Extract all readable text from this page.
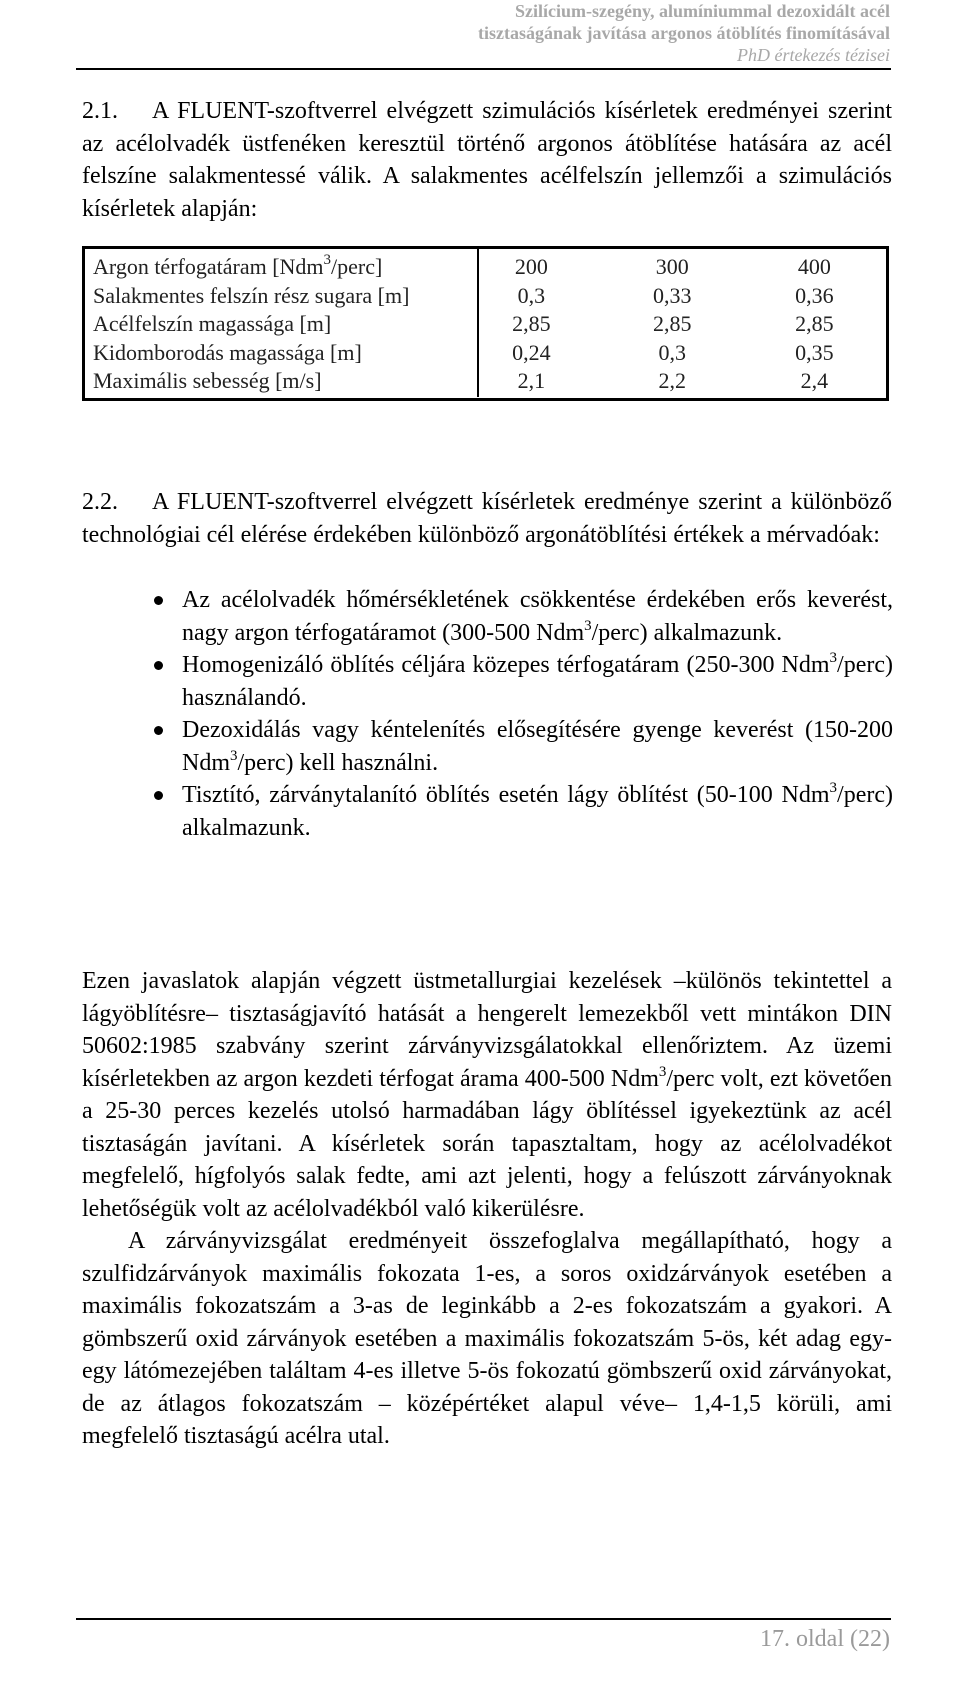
Szilícium-szegény, alumíniummal dezoxidált acél
tisztaságának javítása argonos átöblítés finomításával
PhD értekezés tézisei
2.1. A FLUENT-szoftverrel elvégzett szimulációs kísérletek eredményei szerint az acélolvadék üstfenéken keresztül történő argonos átöblítése hatására az acél felszíne salakmentessé válik. A salakmentes acélfelszín jellemzői a szimulációs kísérletek alapján:
Argon térfogatáram [Ndm$^3$/perc]	200	300	400
Salakmentes felszín rész sugara [m]	0,3	0,33	0,36
Acélfelszín magassága [m]	2,85	2,85	2,85
Kidomborodás magassága [m]	0,24	0,3	0,35
Maximális sebesség [m/s]	2,1	2,2	2,4
2.2. A FLUENT-szoftverrel elvégzett kísérletek eredménye szerint a különböző technológiai cél elérése érdekében különböző argonátöblítési értékek a mérvadóak:
Az acélolvadék hőmérsékletének csökkentése érdekében erős keverést, nagy argon térfogatáramot (300-500 Ndm$^3$/perc) alkalmazunk.
Homogenizáló öblítés céljára közepes térfogatáram (250-300 Ndm$^3$/perc) használandó.
Dezoxidálás vagy kéntelenítés elősegítésére gyenge keverést (150-200 Ndm$^3$/perc) kell használni.
Tisztító, zárványtalanító öblítés esetén lágy öblítést (50-100 Ndm$^3$/perc) alkalmazunk.
Ezen javaslatok alapján végzett üstmetallurgiai kezelések –különös tekintettel a lágyöblítésre– tisztaságjavító hatását a hengerelt lemezekből vett mintákon DIN 50602:1985 szabvány szerint zárványvizsgálatokkal ellenőriztem. Az üzemi kísérletekben az argon kezdeti térfogat árama 400-500 Ndm$^3$/perc volt, ezt követően a 25-30 perces kezelés utolsó harmadában lágy öblítéssel igyekeztünk az acél tisztaságán javítani. A kísérletek során tapasztaltam, hogy az acélolvadékot megfelelő, hígfolyós salak fedte, ami azt jelenti, hogy a felúszott zárványoknak lehetőségük volt az acélolvadékból való kikerülésre.
A zárványvizsgálat eredményeit összefoglalva megállapítható, hogy a szulfidzárványok maximális fokozata 1-es, a soros oxidzárványok esetében a maximális fokozatszám a 3-as de leginkább a 2-es fokozatszám a gyakori. A gömbszerű oxid zárványok esetében a maximális fokozatszám 5-ös, két adag egy-egy látómezejében találtam 4-es illetve 5-ös fokozatú gömbszerű oxid zárványokat, de az átlagos fokozatszám – középértéket alapul véve– 1,4-1,5 körüli, ami megfelelő tisztaságú acélra utal.
17. oldal (22)
